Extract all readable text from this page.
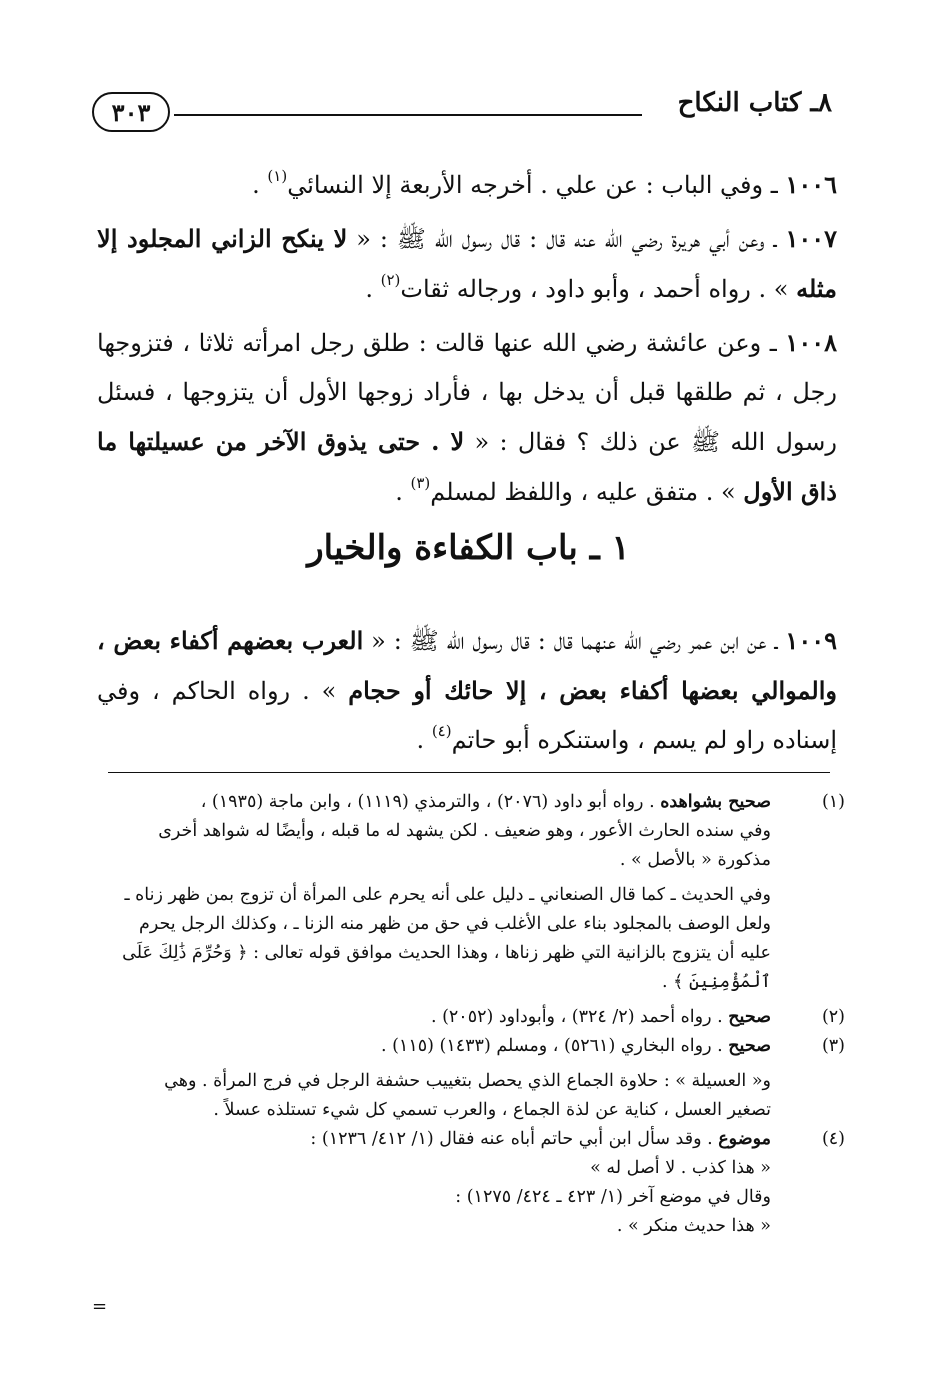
٨ـ كتاب النكاح
٣٠٣

١٠٠٦ ـ وفي الباب : عن علي . أخرجه الأربعة إلا النسائي$^{(١)}$ .

١٠٠٧ ـ وعن أبي هريرة رضي الله عنه قال : قال رسول الله ﷺ : « لا ينكح الزاني المجلود إلا مثله » . رواه أحمد ، وأبو داود ، ورجاله ثقات$^{(٢)}$ .

١٠٠٨ ـ وعن عائشة رضي الله عنها قالت : طلق رجل امرأته ثلاثا ، فتزوجها رجل ، ثم طلقها قبل أن يدخل بها ، فأراد زوجها الأول أن يتزوجها ، فسئل رسول الله ﷺ عن ذلك ؟ فقال : « لا . حتى يذوق الآخر من عسيلتها ما ذاق الأول » . متفق عليه ، واللفظ لمسلم$^{(٣)}$ .

١ ـ باب الكفاءة والخيار

١٠٠٩ ـ عن ابن عمر رضي الله عنهما قال : قال رسول الله ﷺ : « العرب بعضهم أكفاء بعض ، والموالي بعضها أكفاء بعض ، إلا حائك أو حجام » . رواه الحاكم ، وفي إسناده راو لم يسم ، واستنكره أبو حاتم$^{(٤)}$ .

(١)
صحيح بشواهده . رواه أبو داود (٢٠٧٦) ، والترمذي (١١١٩) ، وابن ماجة (١٩٣٥) ،
وفي سنده الحارث الأعور ، وهو ضعيف . لكن يشهد له ما قبله ، وأيضًا له شواهد أخرى
مذكورة « بالأصل » .
وفي الحديث ـ كما قال الصنعاني ـ دليل على أنه يحرم على المرأة أن تزوج بمن ظهر زناه ـ
ولعل الوصف بالمجلود بناء على الأغلب في حق من ظهر منه الزنا ـ ، وكذلك الرجل يحرم
عليه أن يتزوج بالزانية التي ظهر زناها ، وهذا الحديث موافق قوله تعالى : ﴿ وَحُرِّمَ ذَٰلِكَ عَلَى
ٱلْمُؤْمِنِينَ ﴾ .
(٢)
صحيح . رواه أحمد (٢/ ٣٢٤) ، وأبوداود (٢٠٥٢) .
(٣)
صحيح . رواه البخاري (٥٢٦١) ، ومسلم (١٤٣٣) (١١٥) .
و« العسيلة » : حلاوة الجماع الذي يحصل بتغييب حشفة الرجل في فرج المرأة . وهي
تصغير العسل ، كناية عن لذة الجماع ، والعرب تسمي كل شيء تستلذه عسلاً .
(٤)
موضوع . وقد سأل ابن أبي حاتم أباه عنه فقال (١/ ٤١٢/ ١٢٣٦) :
« هذا كذب . لا أصل له »
وقال في موضع آخر (١/ ٤٢٣ ـ ٤٢٤/ ١٢٧٥) :
« هذا حديث منكر » .
=
